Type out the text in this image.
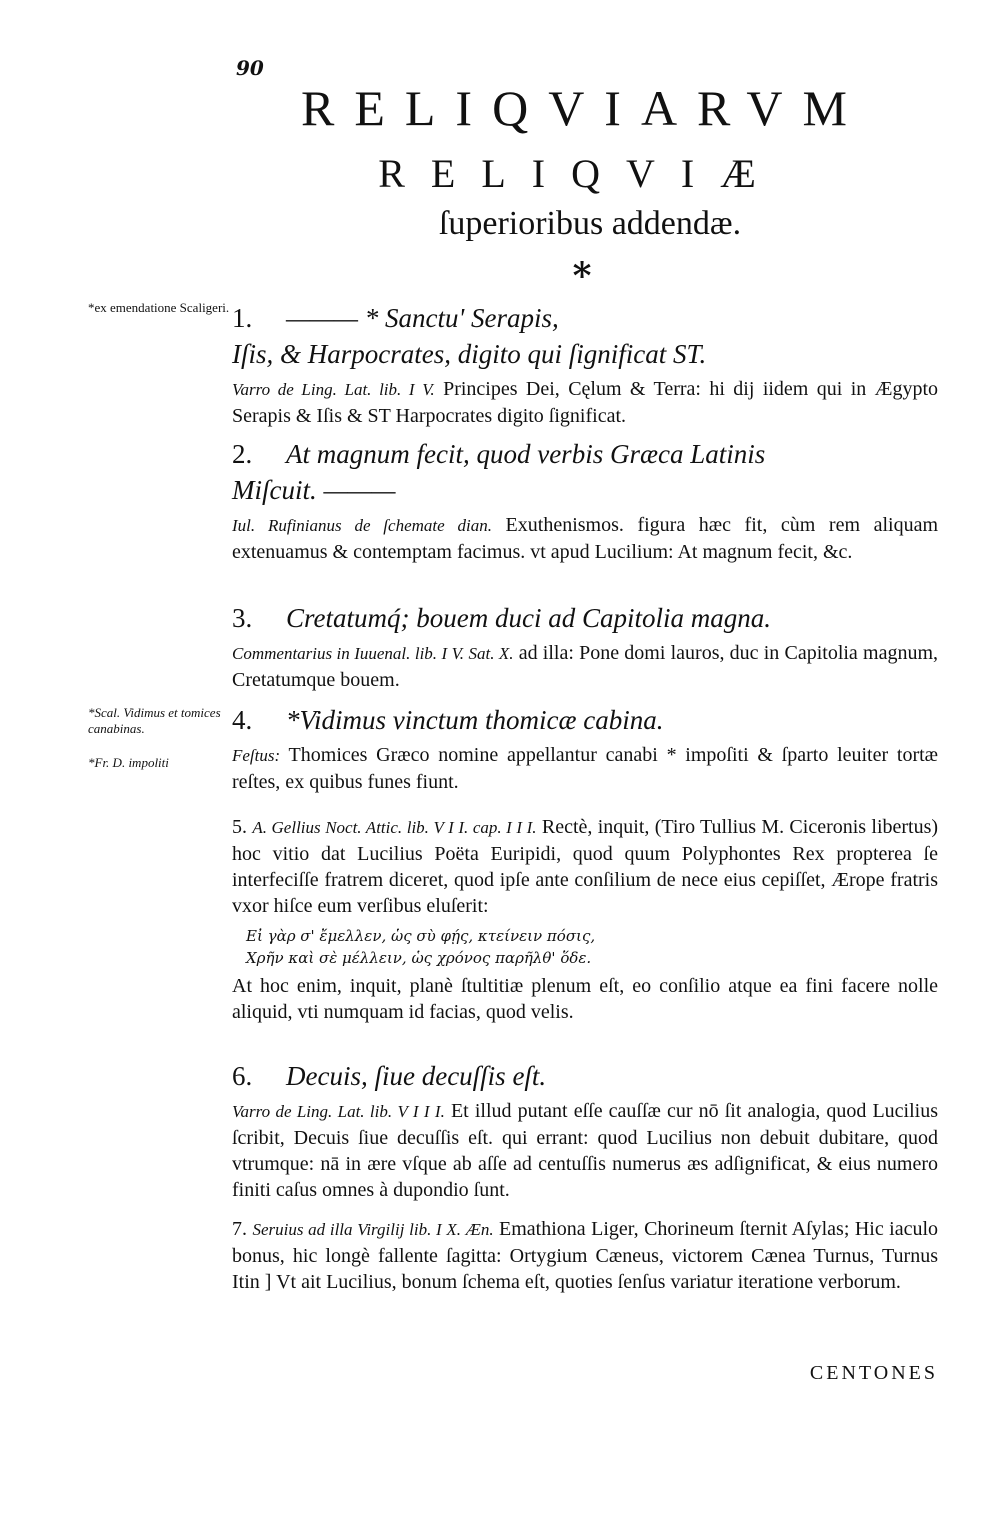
90
RELIQVIARVM
RELIQVIÆ
ſuperioribus addendæ.
*
*ex emendatione Scaligeri.
*Scal. Vidimus et tomices canabinas.
*Fr. D. impoliti
1. ——— * Sanctu' Serapis,
Iſis, & Harpocrates, digito qui ſignificat ST.
Varro de Ling. Lat. lib. I V. Principes Dei, Cęlum & Terra: hi dij iidem qui in Ægypto Serapis & Iſis & ST Harpocrates digito ſignificat.
2. At magnum fecit, quod verbis Græca Latinis
Miſcuit. ———
Iul. Rufinianus de ſchemate dian. Exuthenismos. figura hæc fit, cùm rem aliquam extenuamus & contemptam facimus. vt apud Lucilium: At magnum fecit, &c.
3. Cretatumq́; bouem duci ad Capitolia magna.
Commentarius in Iuuenal. lib. I V. Sat. X. ad illa: Pone domi lauros, duc in Capitolia magnum, Cretatumque bouem.
4. *Vidimus vinctum thomicæ cabina.
Feſtus: Thomices Græco nomine appellantur canabi * impoſiti & ſparto leuiter tortæ reſtes, ex quibus funes fiunt.
5. A. Gellius Noct. Attic. lib. V I I. cap. I I I. Rectè, inquit, (Tiro Tullius M. Ciceronis libertus) hoc vitio dat Lucilius Poëta Euripidi, quod quum Polyphontes Rex propterea ſe interfeciſſe fratrem diceret, quod ipſe ante conſilium de nece eius cepiſſet, Ærope fratris vxor hiſce eum verſibus eluſerit:
Εἰ γὰρ σ' ἔμελλεν, ὡς σὺ φῄς, κτείνειν πόσις,
Χρῆν καὶ σὲ μέλλειν, ὡς χρόνος παρῆλθ' ὅδε.
At hoc enim, inquit, planè ſtultitiæ plenum eſt, eo conſilio atque ea fini facere nolle aliquid, vti numquam id facias, quod velis.
6. Decuis, ſiue decuſſis eſt.
Varro de Ling. Lat. lib. V I I I. Et illud putant eſſe cauſſæ cur nō ſit analogia, quod Lucilius ſcribit, Decuis ſiue decuſſis eſt. qui errant: quod Lucilius non debuit dubitare, quod vtrumque: nā in ære vſque ab aſſe ad centuſſis numerus æs adſignificat, & eius numero finiti caſus omnes à dupondio ſunt.
7. Seruius ad illa Virgilij lib. I X. Æn. Emathiona Liger, Chorineum ſternit Aſylas; Hic iaculo bonus, hic longè fallente ſagitta: Ortygium Cæneus, victorem Cænea Turnus, Turnus Itin ] Vt ait Lucilius, bonum ſchema eſt, quoties ſenſus variatur iteratione verborum.
CENTONES
